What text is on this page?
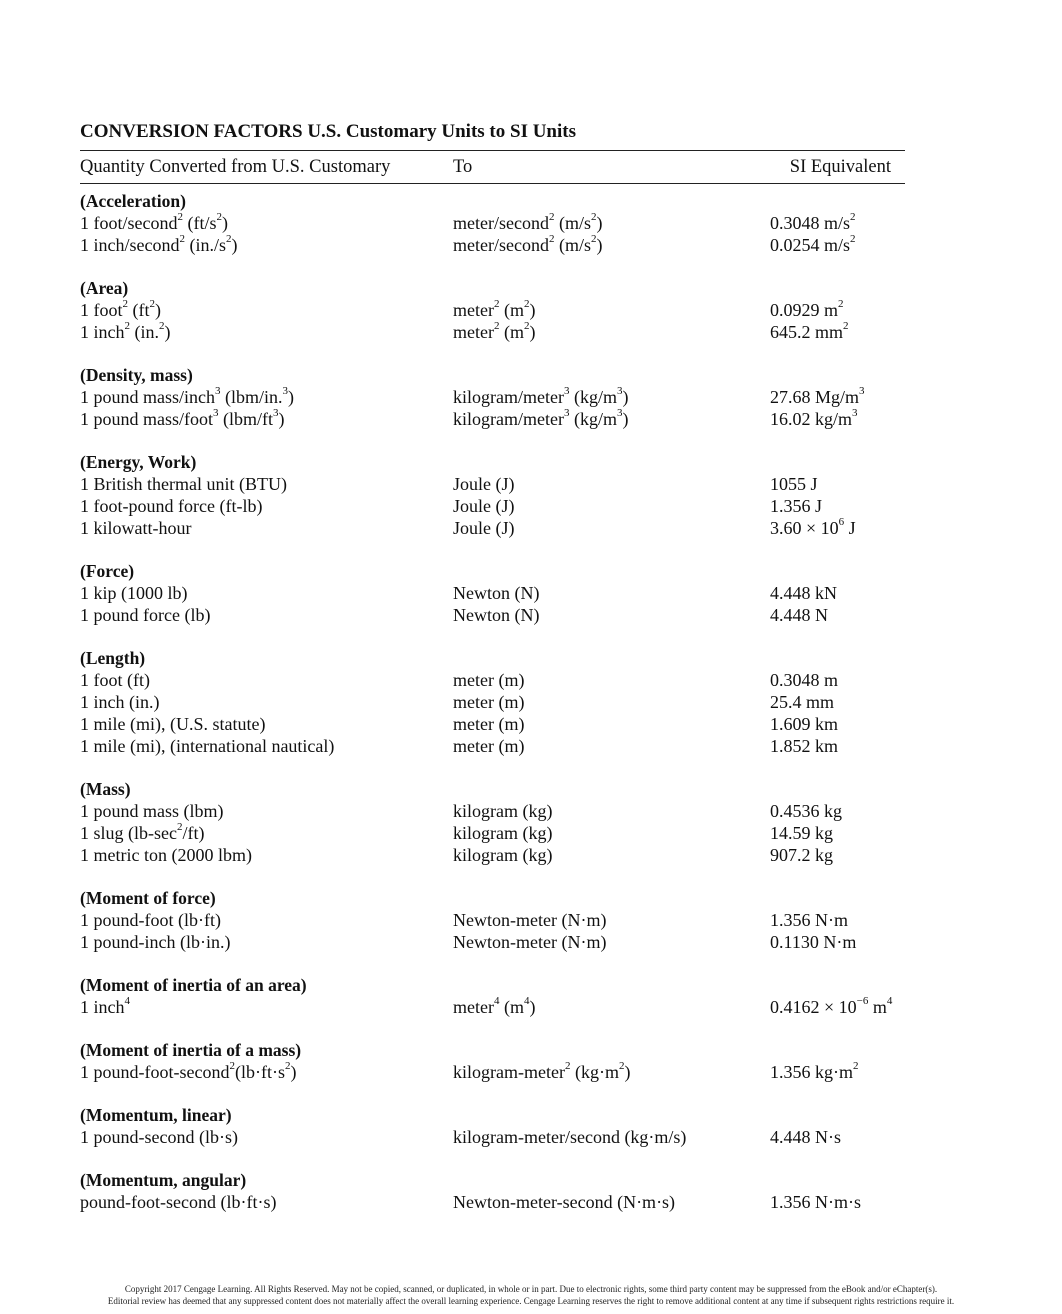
CONVERSION FACTORS U.S. Customary Units to SI Units
Quantity Converted from U.S. Customary	To	SI Equivalent
(Acceleration)
1 foot/second$^2$ $(ft/s^2)$	meter/second$^2$ $(m/s^2)$	0.3048 $m/s^2$
1 inch/second$^2$ $(in./s^2)$	meter/second$^2$ $(m/s^2)$	0.0254 $m/s^2$
(Area)
1 foot$^2$ $(ft^2)$	meter$^2$ $(m^2)$	0.0929 $m^2$
1 inch$^2$ (in.$^2$)	meter$^2$ $(m^2)$	645.2 $mm^2$
(Density, mass)
1 pound mass/inch$^3$ (lbm/in.$^3$)	kilogram/meter$^3$ $(kg/m^3)$	27.68 $Mg/m^3$
1 pound mass/foot$^3$ $(lbm/ft^3)$	kilogram/meter$^3$ $(kg/m^3)$	16.02 $kg/m^3$
(Energy, Work)
1 British thermal unit (BTU)	Joule (J)	1055 J
1 foot-pound force (ft-lb)	Joule (J)	1.356 J
1 kilowatt-hour	Joule (J)	$3.60 \times 10^6$ J
(Force)
1 kip (1000 lb)	Newton (N)	4.448 kN
1 pound force (lb)	Newton (N)	4.448 N
(Length)
1 foot (ft)	meter (m)	0.3048 m
1 inch (in.)	meter (m)	25.4 mm
1 mile (mi), (U.S. statute)	meter (m)	1.609 km
1 mile (mi), (international nautical)	meter (m)	1.852 km
(Mass)
1 pound mass (lbm)	kilogram (kg)	0.4536 kg
1 slug $(lb-\sec^2/ft)$	kilogram (kg)	14.59 kg
1 metric ton (2000 lbm)	kilogram (kg)	907.2 kg
(Moment of force)
1 pound-foot (lb·ft)	Newton-meter (N·m)	1.356 N·m
1 pound-inch (lb·in.)	Newton-meter (N·m)	0.1130 N·m
(Moment of inertia of an area)
1 inch$^4$	meter$^4$ $(m^4)$	$0.4162 \times 10^{-6}$ $m^4$
(Moment of inertia of a mass)
1 pound-$foot-second^2(lb\cdot ft\cdot s^2)$	kilogram-meter$^2$ $(kg\cdot m^2)$	1.356 $kg\cdot m^2$
(Momentum, linear)
1 pound-second (lb·s)	kilogram-meter/second (kg·m/s)	4.448 N·s
(Momentum, angular)
pound-foot-second (lb·ft·s)	Newton-meter-second (N·m·s)	1.356 N·m·s
Copyright 2017 Cengage Learning. All Rights Reserved. May not be copied, scanned, or duplicated, in whole or in part. Due to electronic rights, some third party content may be suppressed from the eBook and/or eChapter(s).
Editorial review has deemed that any suppressed content does not materially affect the overall learning experience. Cengage Learning reserves the right to remove additional content at any time if subsequent rights restrictions require it.
